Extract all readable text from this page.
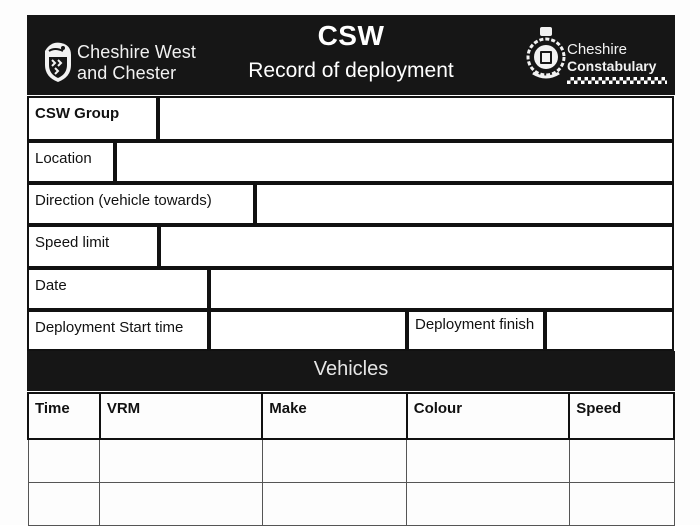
Cheshire West
and Chester
CSW
Record of deployment
Cheshire
Constabulary
CSW Group
Location
Direction (vehicle towards)
Speed limit
Date
Deployment Start time	Deployment finish
Vehicles
Time	VRM	Make	Colour	Speed
